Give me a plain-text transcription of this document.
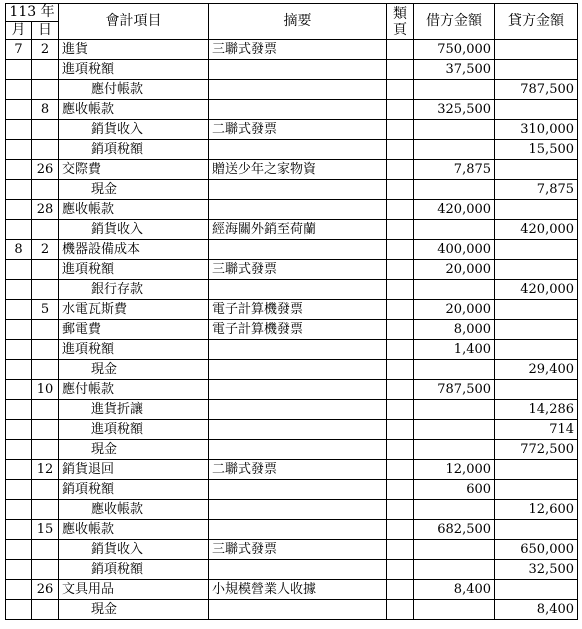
113 年		會計項目	摘要	類
頁	借方金額	貸方金額
月	日					
7	2	進貨	三聯式發票		750,000	
		進項稅額			37,500	
		應付帳款				787,500
	8	應收帳款			325,500	
		銷貨收入	二聯式發票			310,000
		銷項稅額				15,500
	26	交際費	贈送少年之家物資		7,875	
		現金				7,875
	28	應收帳款			420,000	
		銷貨收入	經海關外銷至荷蘭			420,000
8	2	機器設備成本			400,000	
		進項稅額	三聯式發票		20,000	
		銀行存款				420,000
	5	水電瓦斯費	電子計算機發票		20,000	
		郵電費	電子計算機發票		8,000	
		進項稅額			1,400	
		現金				29,400
	10	應付帳款			787,500	
		進貨折讓				14,286
		進項稅額				714
		現金				772,500
	12	銷貨退回	二聯式發票		12,000	
		銷項稅額			600	
		應收帳款				12,600
	15	應收帳款			682,500	
		銷貨收入	三聯式發票			650,000
		銷項稅額				32,500
	26	文具用品	小規模營業人收據		8,400	
		現金				8,400
